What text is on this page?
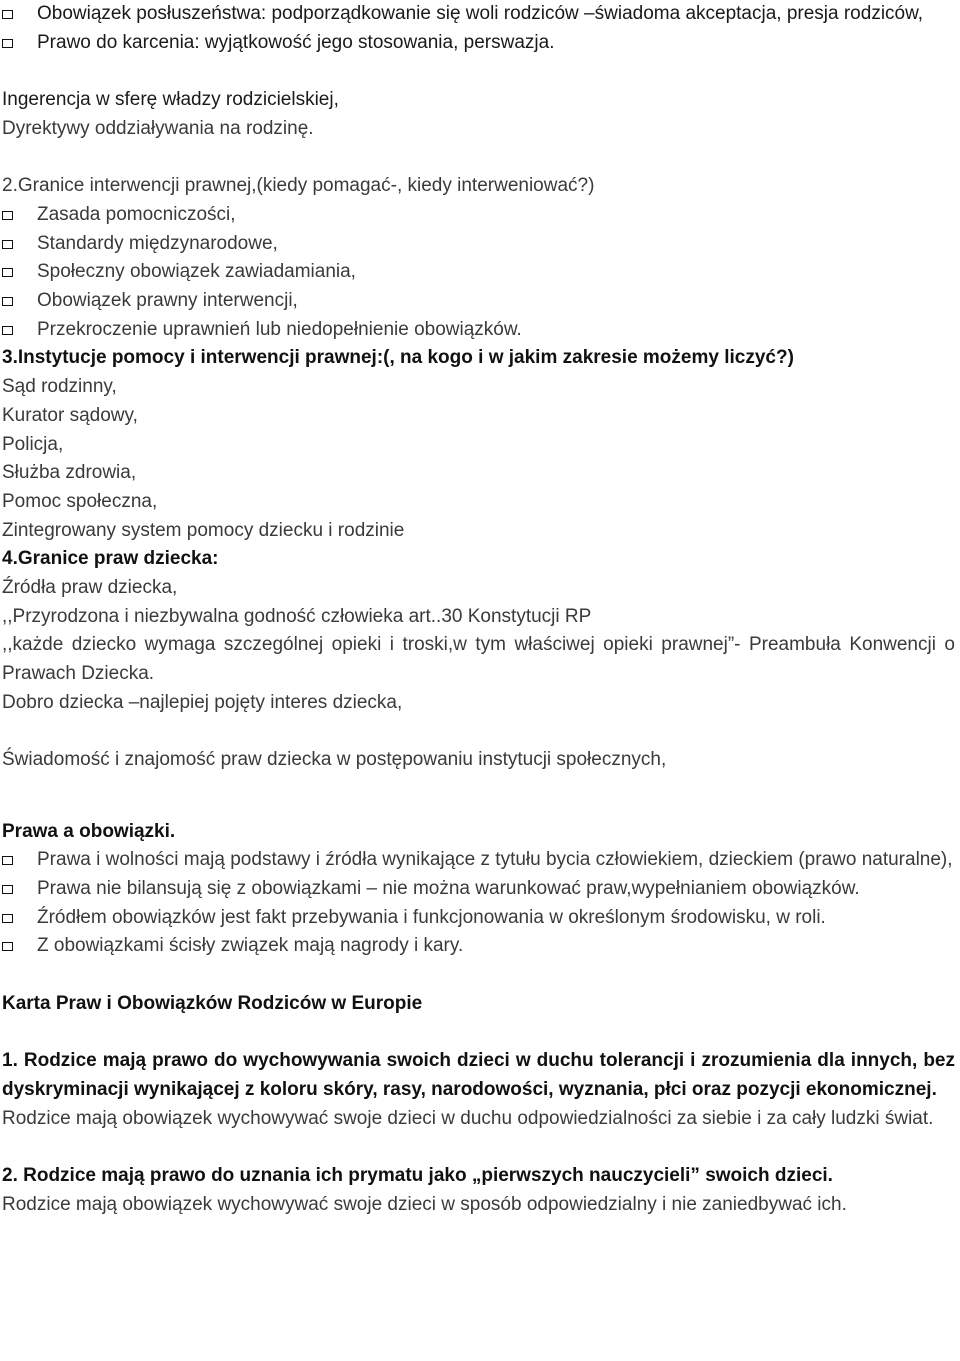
Obowiązek posłuszeństwa: podporządkowanie się woli rodziców –świadoma akceptacja, presja rodziców,
Prawo do karcenia: wyjątkowość jego stosowania, perswazja.
Ingerencja w sferę władzy rodzicielskiej,
Dyrektywy oddziaływania na rodzinę.
2.Granice interwencji prawnej,(kiedy pomagać-, kiedy interweniować?)
Zasada pomocniczości,
Standardy międzynarodowe,
Społeczny obowiązek zawiadamiania,
Obowiązek prawny interwencji,
Przekroczenie uprawnień lub niedopełnienie obowiązków.
3.Instytucje pomocy i interwencji prawnej:(, na kogo i w jakim zakresie możemy liczyć?)
Sąd rodzinny,
Kurator sądowy,
Policja,
Służba zdrowia,
Pomoc społeczna,
Zintegrowany system pomocy dziecku i rodzinie
4.Granice praw dziecka:
Źródła praw dziecka,
,,Przyrodzona i niezbywalna godność człowieka art..30 Konstytucji RP
,,każde dziecko wymaga szczególnej opieki i troski,w tym właściwej opieki prawnej”- Preambuła Konwencji o Prawach Dziecka.
Dobro dziecka –najlepiej pojęty interes dziecka,
Świadomość i znajomość praw dziecka w postępowaniu instytucji społecznych,
Prawa a obowiązki.
Prawa i wolności mają podstawy i źródła wynikające z tytułu bycia człowiekiem, dzieckiem (prawo naturalne),
Prawa nie bilansują się z obowiązkami – nie można warunkować praw,wypełnianiem obowiązków.
Źródłem obowiązków jest fakt przebywania i funkcjonowania w określonym środowisku, w roli.
Z obowiązkami ścisły związek mają nagrody i kary.
Karta Praw i Obowiązków Rodziców w Europie
1. Rodzice mają prawo do wychowywania swoich dzieci w duchu tolerancji i zrozumienia dla innych, bez dyskryminacji wynikającej z koloru skóry, rasy, narodowości, wyznania, płci oraz pozycji ekonomicznej.
Rodzice mają obowiązek wychowywać swoje dzieci w duchu odpowiedzialności za siebie i za cały ludzki świat.
2. Rodzice mają prawo do uznania ich prymatu jako „pierwszych nauczycieli” swoich dzieci.
Rodzice mają obowiązek wychowywać swoje dzieci w sposób odpowiedzialny i nie zaniedbywać ich.
